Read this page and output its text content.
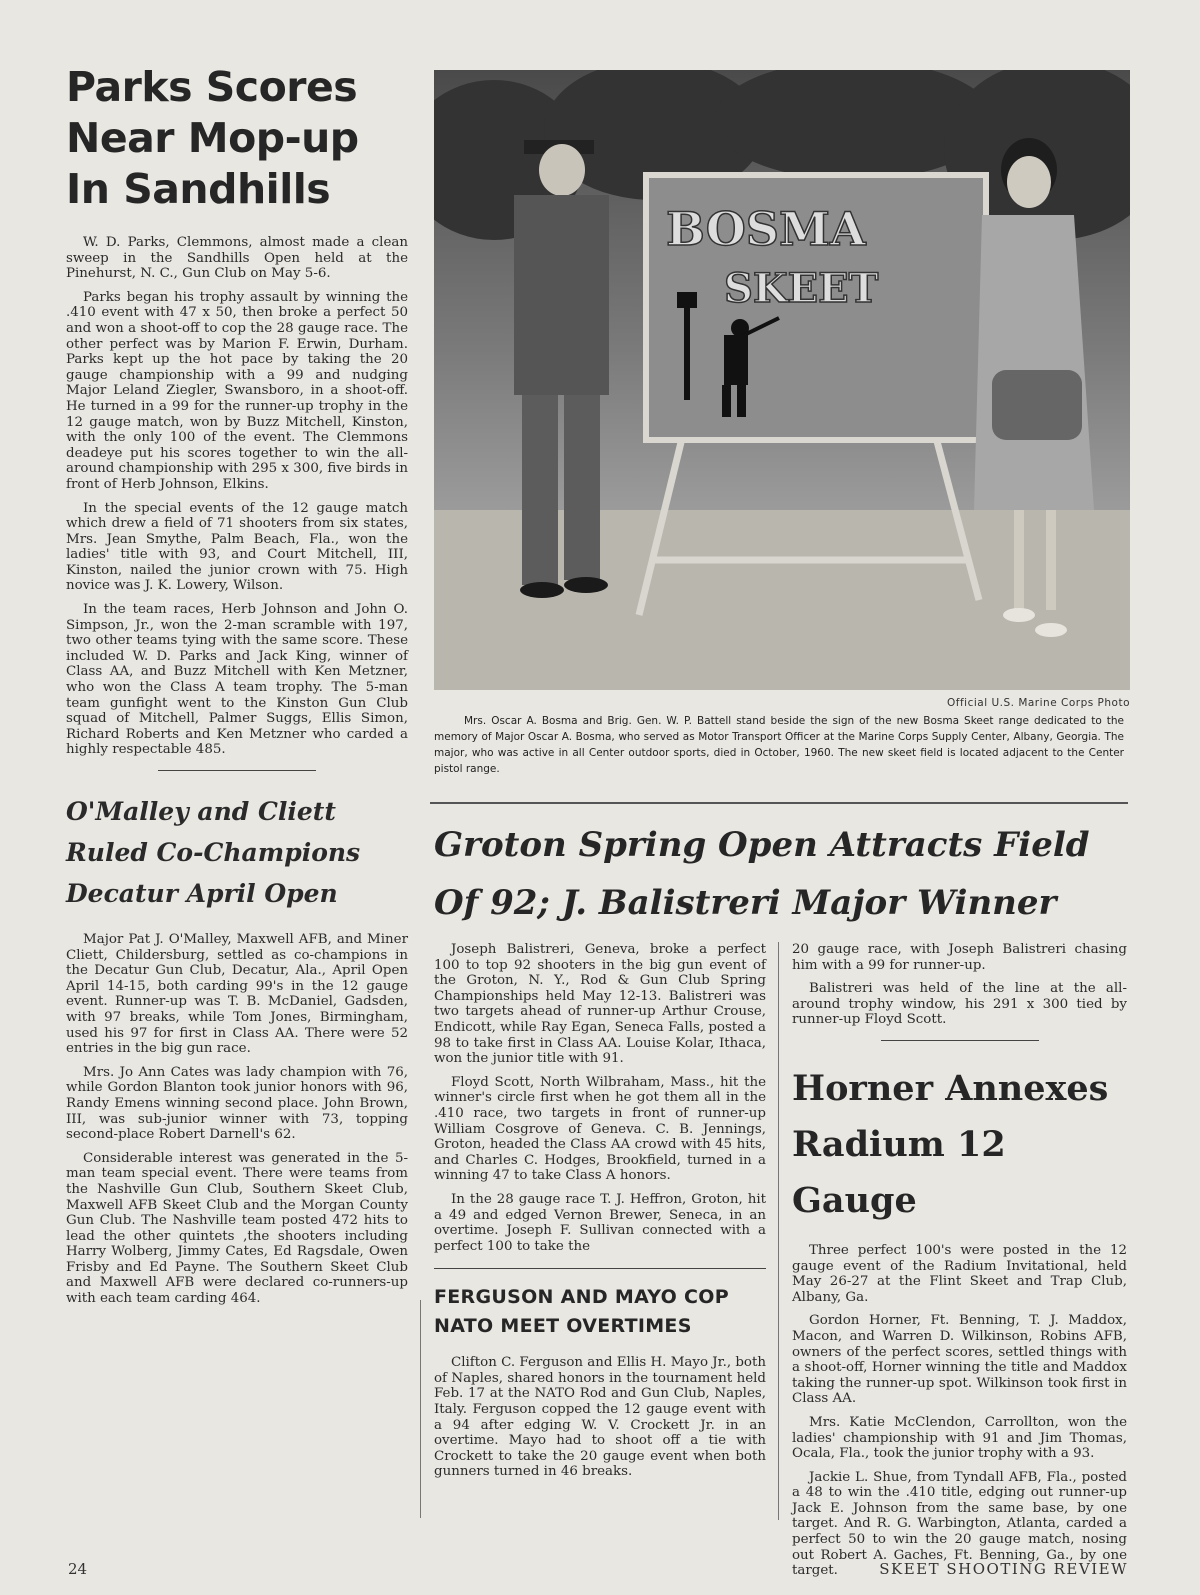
Parks Scores
Near Mop-up
In Sandhills

W. D. Parks, Clemmons, almost made a clean sweep in the Sandhills Open held at the Pinehurst, N. C., Gun Club on May 5-6.

Parks began his trophy assault by winning the .410 event with 47 x 50, then broke a perfect 50 and won a shoot-off to cop the 28 gauge race. The other perfect was by Marion F. Erwin, Durham. Parks kept up the hot pace by taking the 20 gauge championship with a 99 and nudging Major Leland Ziegler, Swansboro, in a shoot-off. He turned in a 99 for the runner-up trophy in the 12 gauge match, won by Buzz Mitchell, Kinston, with the only 100 of the event. The Clemmons deadeye put his scores together to win the all-around championship with 295 x 300, five birds in front of Herb Johnson, Elkins.

In the special events of the 12 gauge match which drew a field of 71 shooters from six states, Mrs. Jean Smythe, Palm Beach, Fla., won the ladies' title with 93, and Court Mitchell, III, Kinston, nailed the junior crown with 75. High novice was J. K. Lowery, Wilson.

In the team races, Herb Johnson and John O. Simpson, Jr., won the 2-man scramble with 197, two other teams tying with the same score. These included W. D. Parks and Jack King, winner of Class AA, and Buzz Mitchell with Ken Metzner, who won the Class A team trophy. The 5-man team gunfight went to the Kinston Gun Club squad of Mitchell, Palmer Suggs, Ellis Simon, Richard Roberts and Ken Metzner who carded a highly respectable 485.

O'Malley and Cliett
Ruled Co-Champions
Decatur April Open

Major Pat J. O'Malley, Maxwell AFB, and Miner Cliett, Childersburg, settled as co-champions in the Decatur Gun Club, Decatur, Ala., April Open April 14-15, both carding 99's in the 12 gauge event. Runner-up was T. B. McDaniel, Gadsden, with 97 breaks, while Tom Jones, Birmingham, used his 97 for first in Class AA. There were 52 entries in the big gun race.

Mrs. Jo Ann Cates was lady champion with 76, while Gordon Blanton took junior honors with 96, Randy Emens winning second place. John Brown, III, was sub-junior winner with 73, topping second-place Robert Darnell's 62.

Considerable interest was generated in the 5-man team special event. There were teams from the Nashville Gun Club, Southern Skeet Club, Maxwell AFB Skeet Club and the Morgan County Gun Club. The Nashville team posted 472 hits to lead the other quintets ,the shooters including Harry Wolberg, Jimmy Cates, Ed Ragsdale, Owen Frisby and Ed Payne. The Southern Skeet Club and Maxwell AFB were declared co-runners-up with each team carding 464.

BOSMA
SKEET
Official U.S. Marine Corps Photo

Mrs. Oscar A. Bosma and Brig. Gen. W. P. Battell stand beside the sign of the new Bosma Skeet range dedicated to the memory of Major Oscar A. Bosma, who served as Motor Transport Officer at the Marine Corps Supply Center, Albany, Georgia. The major, who was active in all Center outdoor sports, died in October, 1960. The new skeet field is located adjacent to the Center pistol range.

Groton Spring Open Attracts Field
Of 92; J. Balistreri Major Winner

Joseph Balistreri, Geneva, broke a perfect 100 to top 92 shooters in the big gun event of the Groton, N. Y., Rod & Gun Club Spring Championships held May 12-13. Balistreri was two targets ahead of runner-up Arthur Crouse, Endicott, while Ray Egan, Seneca Falls, posted a 98 to take first in Class AA. Louise Kolar, Ithaca, won the junior title with 91.

Floyd Scott, North Wilbraham, Mass., hit the winner's circle first when he got them all in the .410 race, two targets in front of runner-up William Cosgrove of Geneva. C. B. Jennings, Groton, headed the Class AA crowd with 45 hits, and Charles C. Hodges, Brookfield, turned in a winning 47 to take Class A honors.

In the 28 gauge race T. J. Heffron, Groton, hit a 49 and edged Vernon Brewer, Seneca, in an overtime. Joseph F. Sullivan connected with a perfect 100 to take the

FERGUSON AND MAYO COP
NATO MEET OVERTIMES

Clifton C. Ferguson and Ellis H. Mayo Jr., both of Naples, shared honors in the tournament held Feb. 17 at the NATO Rod and Gun Club, Naples, Italy. Ferguson copped the 12 gauge event with a 94 after edging W. V. Crockett Jr. in an overtime. Mayo had to shoot off a tie with Crockett to take the 20 gauge event when both gunners turned in 46 breaks.

20 gauge race, with Joseph Balistreri chasing him with a 99 for runner-up.

Balistreri was held of the line at the all-around trophy window, his 291 x 300 tied by runner-up Floyd Scott.

Horner Annexes
Radium 12 Gauge

Three perfect 100's were posted in the 12 gauge event of the Radium Invitational, held May 26-27 at the Flint Skeet and Trap Club, Albany, Ga.

Gordon Horner, Ft. Benning, T. J. Maddox, Macon, and Warren D. Wilkinson, Robins AFB, owners of the perfect scores, settled things with a shoot-off, Horner winning the title and Maddox taking the runner-up spot. Wilkinson took first in Class AA.

Mrs. Katie McClendon, Carrollton, won the ladies' championship with 91 and Jim Thomas, Ocala, Fla., took the junior trophy with a 93.

Jackie L. Shue, from Tyndall AFB, Fla., posted a 48 to win the .410 title, edging out runner-up Jack E. Johnson from the same base, by one target. And R. G. Warbington, Atlanta, carded a perfect 50 to win the 20 gauge match, nosing out Robert A. Gaches, Ft. Benning, Ga., by one target.

24	SKEET SHOOTING REVIEW
